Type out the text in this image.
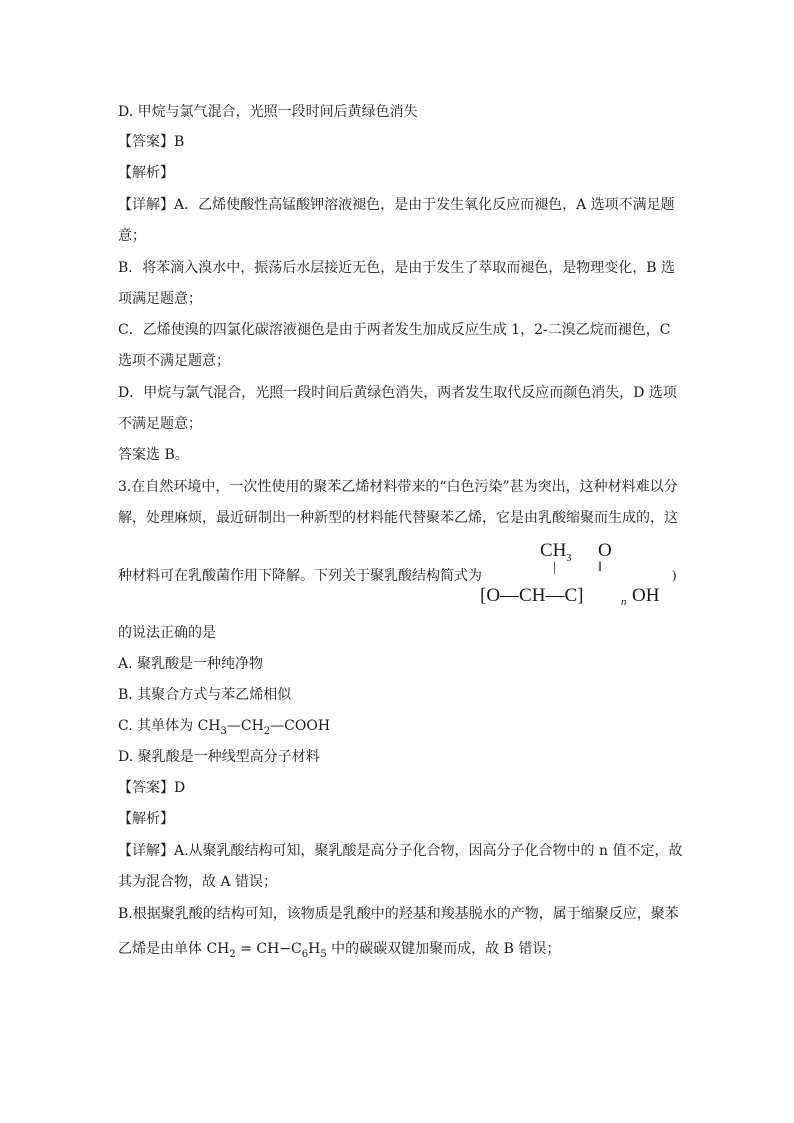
D. 甲烷与氯气混合，光照一段时间后黄绿色消失
【答案】B
【解析】
【详解】A．乙烯使酸性高锰酸钾溶液褪色，是由于发生氧化反应而褪色，A 选项不满足题
意；
B．将苯滴入溴水中，振荡后水层接近无色，是由于发生了萃取而褪色，是物理变化，B 选
项满足题意；
C．乙烯使溴的四氯化碳溶液褪色是由于两者发生加成反应生成 1，2-二溴乙烷而褪色，C
选项不满足题意；
D．甲烷与氯气混合，光照一段时间后黄绿色消失，两者发生取代反应而颜色消失，D 选项
不满足题意；
答案选 B。
3.在自然环境中，一次性使用的聚苯乙烯材料带来的“白色污染”甚为突出，这种材料难以分
解，处理麻烦，最近研制出一种新型的材料能代替聚苯乙烯，它是由乳酸缩聚而生成的，这
种材料可在乳酸菌作用下降解。下列关于聚乳酸结构简式为
$CH_3$ O
|	‖
[O—CH—C]	n OH
)
的说法正确的是
A. 聚乳酸是一种纯净物
B. 其聚合方式与苯乙烯相似
C. 其单体为 $CH_3—CH_2—COOH$
D. 聚乳酸是一种线型高分子材料
【答案】D
【解析】
【详解】A.从聚乳酸结构可知，聚乳酸是高分子化合物，因高分子化合物中的 n 值不定，故
其为混合物，故 A 错误；
B.根据聚乳酸的结构可知，该物质是乳酸中的羟基和羧基脱水的产物，属于缩聚反应，聚苯
乙烯是由单体 $CH_2 = CH-C_6H_5$ 中的碳碳双键加聚而成，故 B 错误；
